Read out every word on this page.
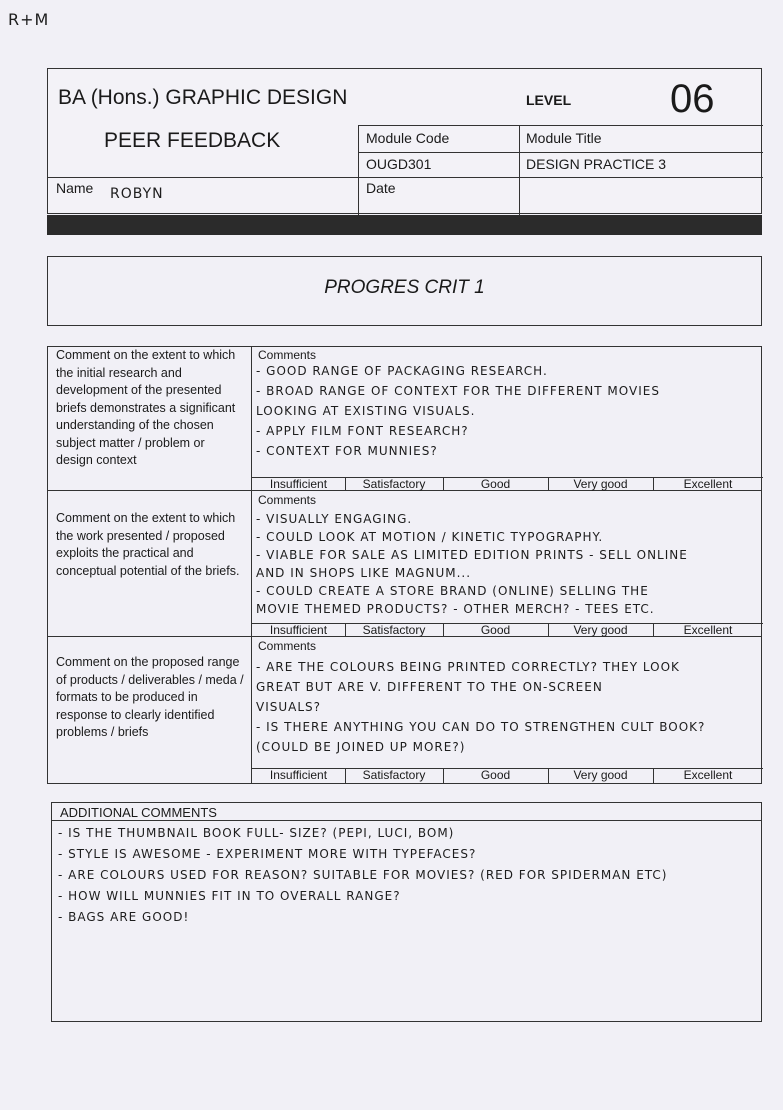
R+M
BA (Hons.) GRAPHIC DESIGN	LEVEL 06
PEER FEEDBACK	Module Code	Module Title
OUGD301	DESIGN PRACTICE 3
Name ROBYN	Date
PROGRES CRIT 1
Comment on the extent to which the initial research and development of the presented briefs demonstrates a significant understanding of the chosen subject matter / problem or design context
Comments
- GOOD RANGE OF PACKAGING RESEARCH.
- BROAD RANGE OF CONTEXT FOR THE DIFFERENT MOVIES
LOOKING AT EXISTING VISUALS.
- APPLY FILM FONT RESEARCH?
- CONTEXT FOR MUNNIES?
Insufficient	Satisfactory	Good	Very good	Excellent
Comment on the extent to which the work presented / proposed exploits the practical and conceptual potential of the briefs.
Comments
- VISUALLY ENGAGING.
- COULD LOOK AT MOTION / KINETIC TYPOGRAPHY.
- VIABLE FOR SALE AS LIMITED EDITION PRINTS - SELL ONLINE
AND IN SHOPS LIKE MAGNUM...
- COULD CREATE A STORE BRAND (ONLINE) SELLING THE
MOVIE THEMED PRODUCTS? - OTHER MERCH? - TEES ETC.
Insufficient	Satisfactory	Good	Very good	Excellent
Comment on the proposed range of products / deliverables / meda / formats to be produced in response to clearly identified problems / briefs
Comments
- ARE THE COLOURS BEING PRINTED CORRECTLY? THEY LOOK
GREAT BUT ARE V. DIFFERENT TO THE ON-SCREEN
VISUALS?
- IS THERE ANYTHING YOU CAN DO TO STRENGTHEN CULT BOOK?
(COULD BE JOINED UP MORE?)
Insufficient	Satisfactory	Good	Very good	Excellent
ADDITIONAL COMMENTS
- IS THE THUMBNAIL BOOK FULL- SIZE? (PEPI, LUCI, BOM)
- STYLE IS AWESOME - EXPERIMENT MORE WITH TYPEFACES?
- ARE COLOURS USED FOR REASON? SUITABLE FOR MOVIES? (RED FOR SPIDERMAN ETC)
- HOW WILL MUNNIES FIT IN TO OVERALL RANGE?
- BAGS ARE GOOD!
